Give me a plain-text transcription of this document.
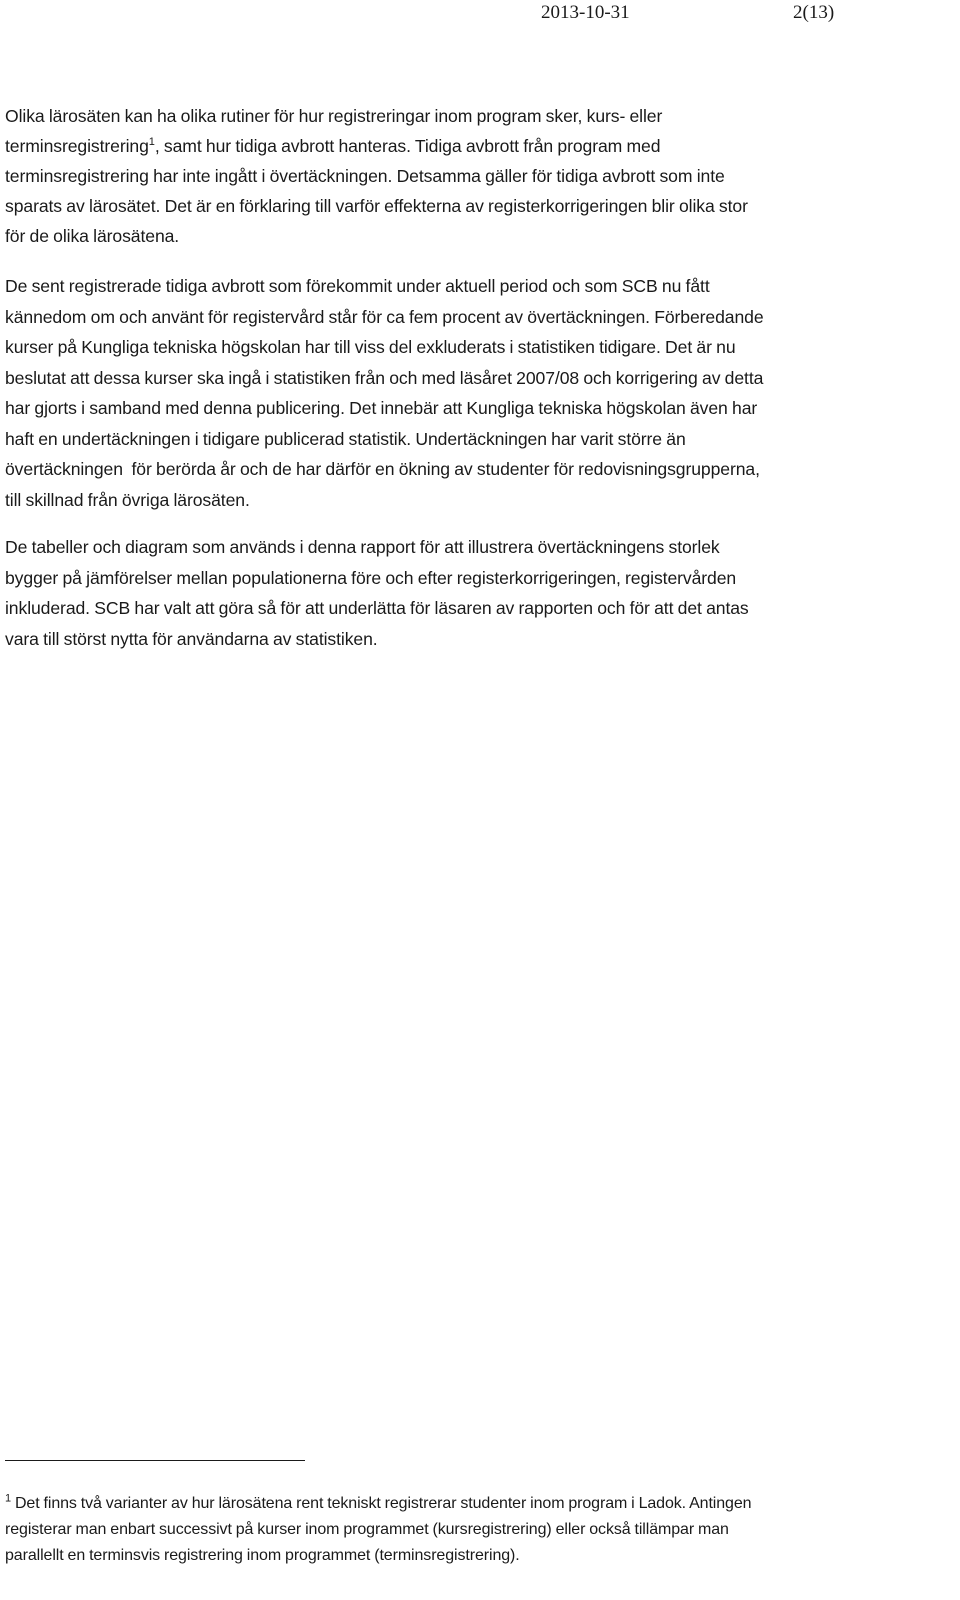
2013-10-31	2(13)

Olika lärosäten kan ha olika rutiner för hur registreringar inom program sker, kurs- eller
terminsregistrering$^1$, samt hur tidiga avbrott hanteras. Tidiga avbrott från program med
terminsregistrering har inte ingått i övertäckningen. Detsamma gäller för tidiga avbrott som inte
sparats av lärosätet. Det är en förklaring till varför effekterna av registerkorrigeringen blir olika stor
för de olika lärosätena.

De sent registrerade tidiga avbrott som förekommit under aktuell period och som SCB nu fått
kännedom om och använt för registervård står för ca fem procent av övertäckningen. Förberedande
kurser på Kungliga tekniska högskolan har till viss del exkluderats i statistiken tidigare. Det är nu
beslutat att dessa kurser ska ingå i statistiken från och med läsåret 2007/08 och korrigering av detta
har gjorts i samband med denna publicering. Det innebär att Kungliga tekniska högskolan även har
haft en undertäckningen i tidigare publicerad statistik. Undertäckningen har varit större än
övertäckningen  för berörda år och de har därför en ökning av studenter för redovisningsgrupperna,
till skillnad från övriga lärosäten.

De tabeller och diagram som används i denna rapport för att illustrera övertäckningens storlek
bygger på jämförelser mellan populationerna före och efter registerkorrigeringen, registervården
inkluderad. SCB har valt att göra så för att underlätta för läsaren av rapporten och för att det antas
vara till störst nytta för användarna av statistiken.

$^1$ Det finns två varianter av hur lärosätena rent tekniskt registrerar studenter inom program i Ladok. Antingen
registerar man enbart successivt på kurser inom programmet (kursregistrering) eller också tillämpar man
parallellt en terminsvis registrering inom programmet (terminsregistrering).
